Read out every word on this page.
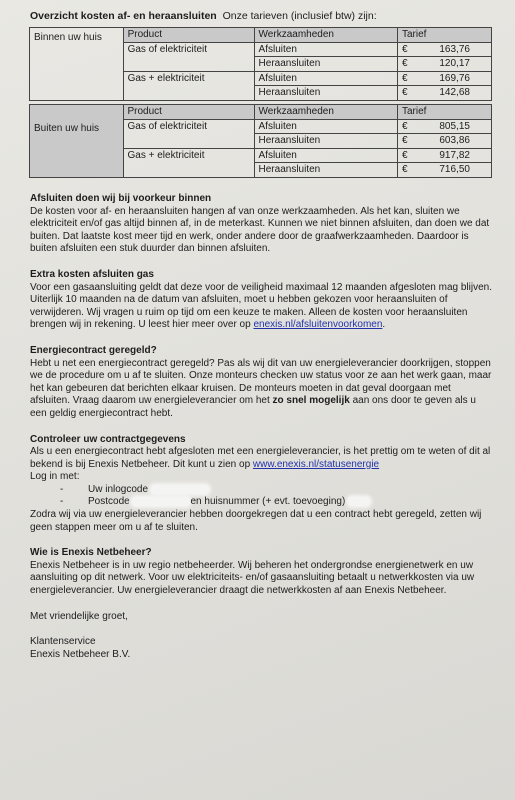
Overzicht kosten af- en heraansluiten Onze tarieven (inclusief btw) zijn:
Binnen uw huis	Product	Werkzaamheden	Tarief
	Gas of elektriciteit	Afsluiten	€ 163,76
		Heraansluiten	€ 120,17
	Gas + elektriciteit	Afsluiten	€ 169,76
		Heraansluiten	€ 142,68
Buiten uw huis	Product	Werkzaamheden	Tarief
	Gas of elektriciteit	Afsluiten	€ 805,15
		Heraansluiten	€ 603,86
	Gas + elektriciteit	Afsluiten	€ 917,82
		Heraansluiten	€ 716,50
Afsluiten doen wij bij voorkeur binnen
De kosten voor af- en heraansluiten hangen af van onze werkzaamheden. Als het kan, sluiten we elektriciteit en/of gas altijd binnen af, in de meterkast. Kunnen we niet binnen afsluiten, dan doen we dat buiten. Dat laatste kost meer tijd en werk, onder andere door de graafwerkzaamheden. Daardoor is buiten afsluiten een stuk duurder dan binnen afsluiten.
Extra kosten afsluiten gas
Voor een gasaansluiting geldt dat deze voor de veiligheid maximaal 12 maanden afgesloten mag blijven. Uiterlijk 10 maanden na de datum van afsluiten, moet u hebben gekozen voor heraansluiten of verwijderen. Wij vragen u ruim op tijd om een keuze te maken. Alleen de kosten voor heraansluiten brengen wij in rekening. U leest hier meer over op enexis.nl/afsluitenvoorkomen.
Energiecontract geregeld?
Hebt u net een energiecontract geregeld? Pas als wij dit van uw energieleverancier doorkrijgen, stoppen we de procedure om u af te sluiten. Onze monteurs checken uw status voor ze aan het werk gaan, maar het kan gebeuren dat berichten elkaar kruisen. De monteurs moeten in dat geval doorgaan met afsluiten. Vraag daarom uw energieleverancier om het zo snel mogelijk aan ons door te geven als u een geldig energiecontract hebt.
Controleer uw contractgegevens
Als u een energiecontract hebt afgesloten met een energieleverancier, is het prettig om te weten of dit al bekend is bij Enexis Netbeheer. Dit kunt u zien op www.enexis.nl/statusenergie
Log in met:
- Uw inlogcode
- Postcode	en huisnummer (+ evt. toevoeging)
Zodra wij via uw energieleverancier hebben doorgekregen dat u een contract hebt geregeld, zetten wij geen stappen meer om u af te sluiten.
Wie is Enexis Netbeheer?
Enexis Netbeheer is in uw regio netbeheerder. Wij beheren het ondergrondse energienetwerk en uw aansluiting op dit netwerk. Voor uw elektriciteits- en/of gasaansluiting betaalt u netwerkkosten via uw energieleverancier. Uw energieleverancier draagt die netwerkkosten af aan Enexis Netbeheer.
Met vriendelijke groet,
Klantenservice
Enexis Netbeheer B.V.
